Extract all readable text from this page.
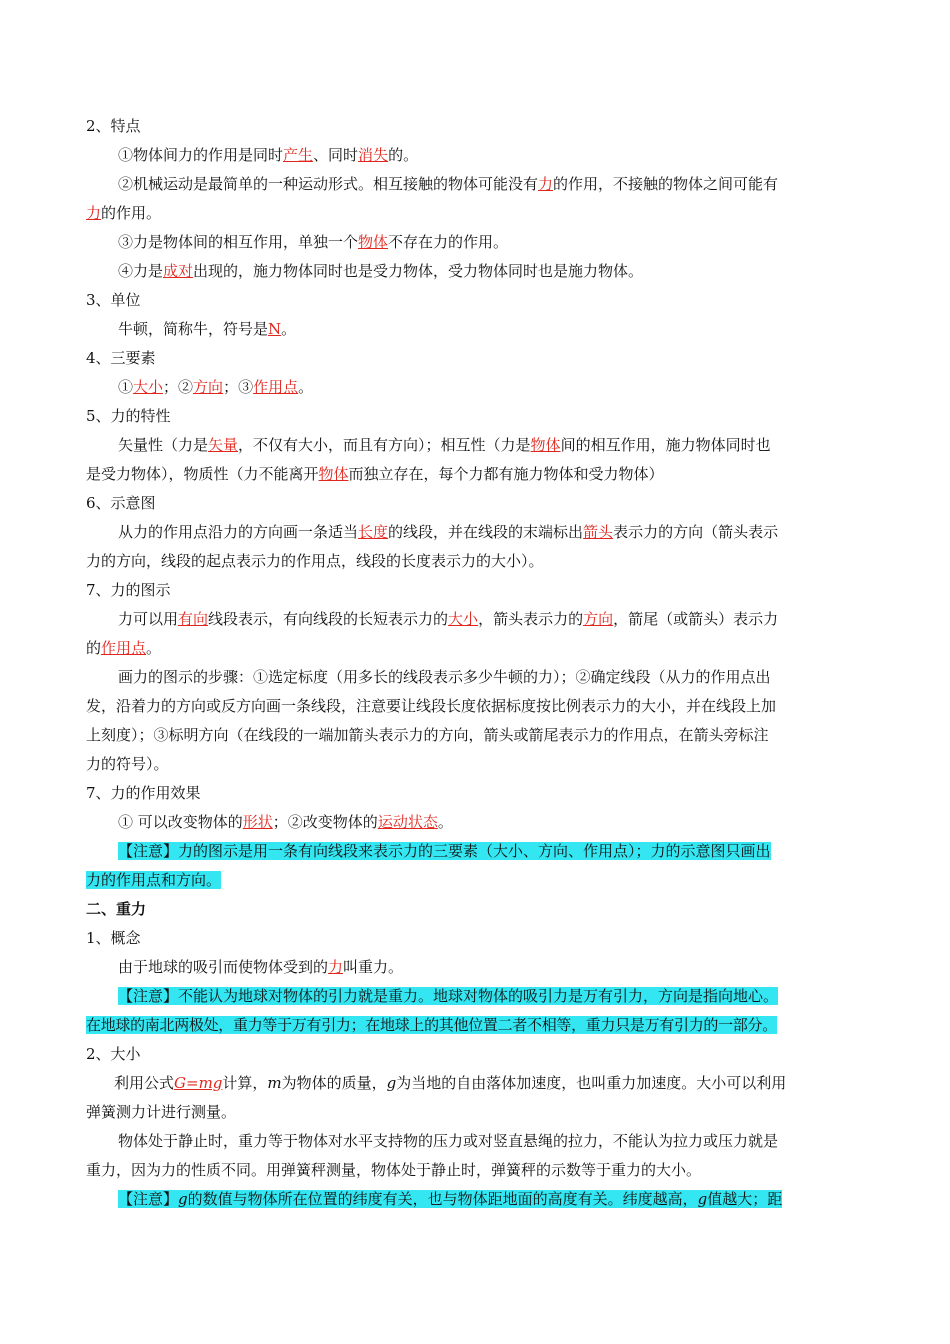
2、特点
①物体间力的作用是同时产生、同时消失的。
②机械运动是最简单的一种运动形式。相互接触的物体可能没有力的作用，不接触的物体之间可能有
力的作用。
③力是物体间的相互作用，单独一个物体不存在力的作用。
④力是成对出现的，施力物体同时也是受力物体，受力物体同时也是施力物体。
3、单位
牛顿，简称牛，符号是N。
4、三要素
①大小；②方向；③作用点。
5、力的特性
矢量性（力是矢量，不仅有大小，而且有方向）；相互性（力是物体间的相互作用，施力物体同时也
是受力物体），物质性（力不能离开物体而独立存在，每个力都有施力物体和受力物体）
6、示意图
从力的作用点沿力的方向画一条适当长度的线段，并在线段的末端标出箭头表示力的方向（箭头表示
力的方向，线段的起点表示力的作用点，线段的长度表示力的大小）。
7、力的图示
力可以用有向线段表示，有向线段的长短表示力的大小，箭头表示力的方向，箭尾（或箭头）表示力
的作用点。
画力的图示的步骤：①选定标度（用多长的线段表示多少牛顿的力）；②确定线段（从力的作用点出
发，沿着力的方向或反方向画一条线段，注意要让线段长度依据标度按比例表示力的大小，并在线段上加
上刻度）；③标明方向（在线段的一端加箭头表示力的方向，箭头或箭尾表示力的作用点，在箭头旁标注
力的符号）。
7、力的作用效果
① 可以改变物体的形状；②改变物体的运动状态。
【注意】力的图示是用一条有向线段来表示力的三要素（大小、方向、作用点）；力的示意图只画出
力的作用点和方向。
二、重力
1、概念
由于地球的吸引而使物体受到的力叫重力。
【注意】不能认为地球对物体的引力就是重力。地球对物体的吸引力是万有引力，方向是指向地心。
在地球的南北两极处，重力等于万有引力；在地球上的其他位置二者不相等，重力只是万有引力的一部分。
2、大小
利用公式G=mg计算，m为物体的质量，g为当地的自由落体加速度，也叫重力加速度。大小可以利用
弹簧测力计进行测量。
物体处于静止时，重力等于物体对水平支持物的压力或对竖直悬绳的拉力，不能认为拉力或压力就是
重力，因为力的性质不同。用弹簧秤测量，物体处于静止时，弹簧秤的示数等于重力的大小。
【注意】g的数值与物体所在位置的纬度有关，也与物体距地面的高度有关。纬度越高，g值越大；距
